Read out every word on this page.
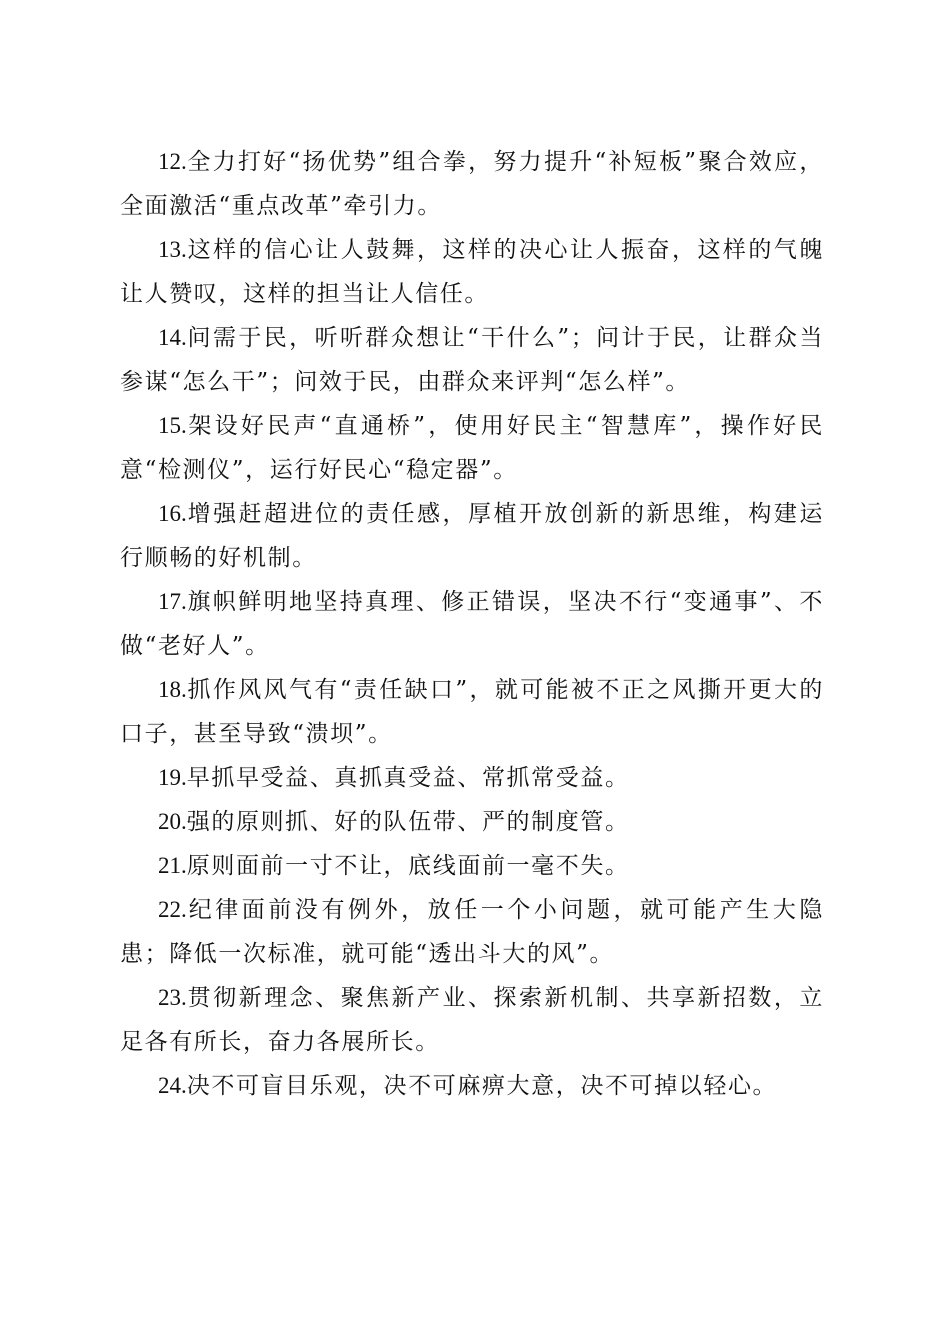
12.全力打好“扬优势”组合拳，努力提升“补短板”聚合效应，全面激活“重点改革”牵引力。

13.这样的信心让人鼓舞，这样的决心让人振奋，这样的气魄让人赞叹，这样的担当让人信任。

14.问需于民，听听群众想让“干什么”；问计于民，让群众当参谋“怎么干”；问效于民，由群众来评判“怎么样”。

15.架设好民声“直通桥”，使用好民主“智慧库”，操作好民意“检测仪”，运行好民心“稳定器”。

16.增强赶超进位的责任感，厚植开放创新的新思维，构建运行顺畅的好机制。

17.旗帜鲜明地坚持真理、修正错误，坚决不行“变通事”、不做“老好人”。

18.抓作风风气有“责任缺口”，就可能被不正之风撕开更大的口子，甚至导致“溃坝”。

19.早抓早受益、真抓真受益、常抓常受益。

20.强的原则抓、好的队伍带、严的制度管。

21.原则面前一寸不让，底线面前一毫不失。

22.纪律面前没有例外，放任一个小问题，就可能产生大隐患；降低一次标准，就可能“透出斗大的风”。

23.贯彻新理念、聚焦新产业、探索新机制、共享新招数，立足各有所长，奋力各展所长。

24.决不可盲目乐观，决不可麻痹大意，决不可掉以轻心。
